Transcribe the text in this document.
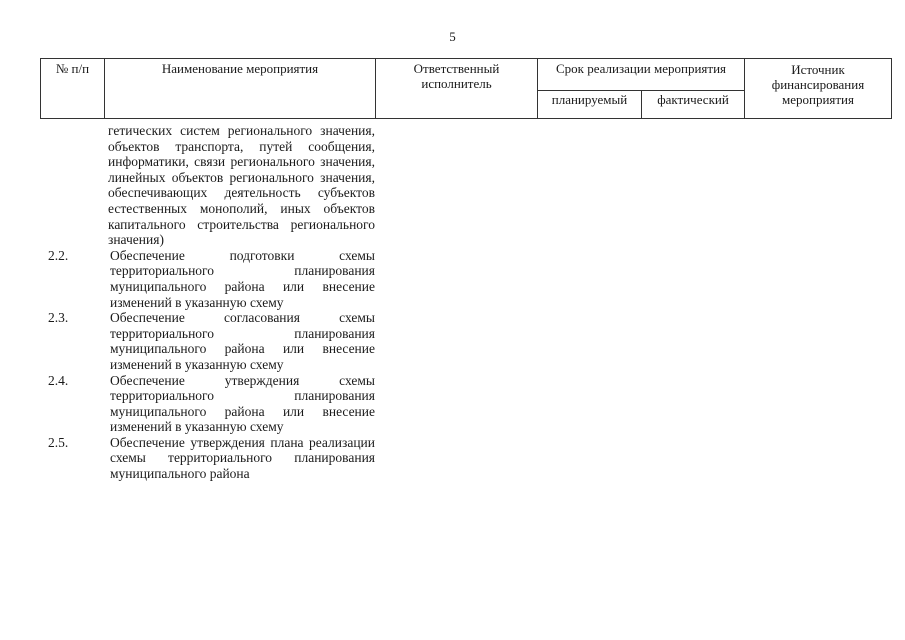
5
№ п/п	Наименование мероприятия	Ответственный исполнитель	Срок реализации мероприятия		Источник финансирования мероприятия
			планируемый	фактический	
гетических систем регионального значения, объектов транспорта, путей сообщения, информатики, связи регионального значения, линейных объектов регионального значения, обеспечивающих деятельность субъектов естественных монополий, иных объектов капитального строительства регионального значения)
2.2.	Обеспечение подготовки схемы территориального планирования муниципального района или внесение изменений в указанную схему
2.3.	Обеспечение согласования схемы территориального планирования муниципального района или внесение изменений в указанную схему
2.4.	Обеспечение утверждения схемы территориального планирования муниципального района или внесение изменений в указанную схему
2.5.	Обеспечение утверждения плана реализации схемы территориального планирования муниципального района
